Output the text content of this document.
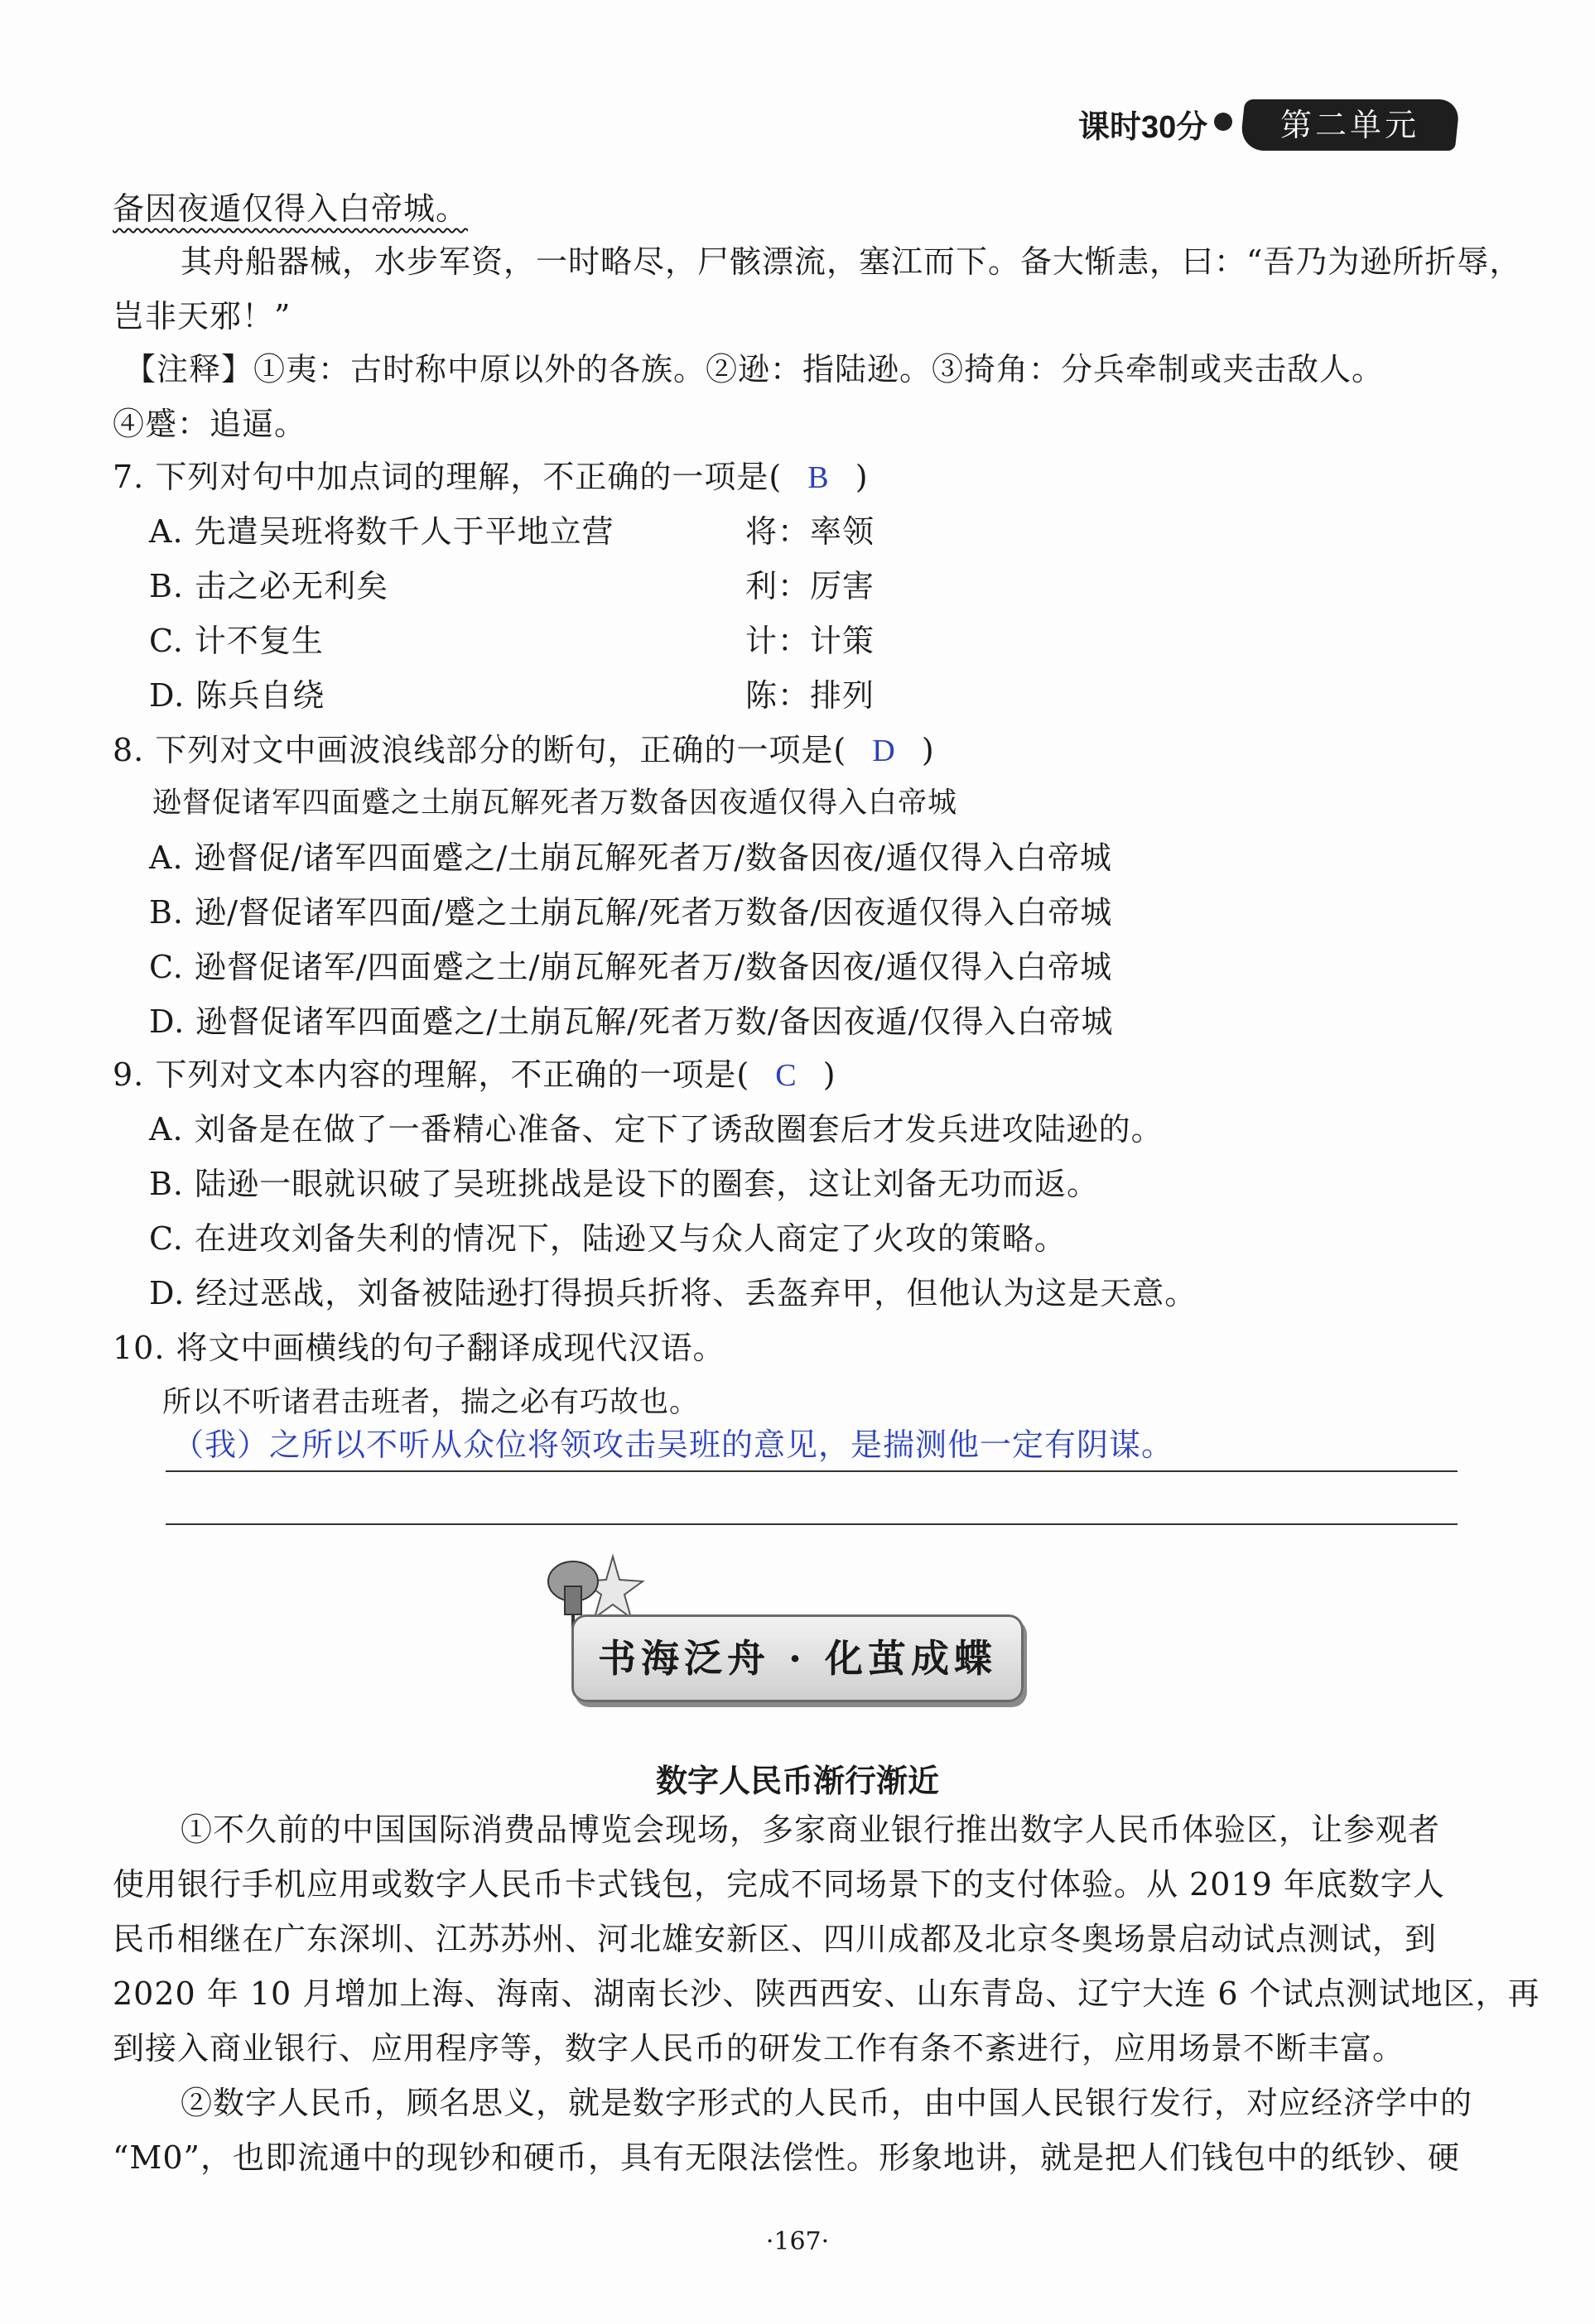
课时30分	第二单元
备因夜遁仅得入白帝城。
其舟船器械，水步军资，一时略尽，尸骸漂流，塞江而下。备大惭恚，曰：“吾乃为逊所折辱，
岂非天邪！”
【注释】①夷：古时称中原以外的各族。②逊：指陆逊。③掎角：分兵牵制或夹击敌人。
④蹙：追逼。
7. 下列对句中加点词的理解，不正确的一项是( B )
A. 先遣吴班将数千人于平地立营	将：率领
B. 击之必无利矣	利：厉害
C. 计不复生	计：计策
D. 陈兵自绕	陈：排列
8. 下列对文中画波浪线部分的断句，正确的一项是( D )
逊督促诸军四面蹙之土崩瓦解死者万数备因夜遁仅得入白帝城
A. 逊督促/诸军四面蹙之/土崩瓦解死者万/数备因夜/遁仅得入白帝城
B. 逊/督促诸军四面/蹙之土崩瓦解/死者万数备/因夜遁仅得入白帝城
C. 逊督促诸军/四面蹙之土/崩瓦解死者万/数备因夜/遁仅得入白帝城
D. 逊督促诸军四面蹙之/土崩瓦解/死者万数/备因夜遁/仅得入白帝城
9. 下列对文本内容的理解，不正确的一项是( C )
A. 刘备是在做了一番精心准备、定下了诱敌圈套后才发兵进攻陆逊的。
B. 陆逊一眼就识破了吴班挑战是设下的圈套，这让刘备无功而返。
C. 在进攻刘备失利的情况下，陆逊又与众人商定了火攻的策略。
D. 经过恶战，刘备被陆逊打得损兵折将、丢盔弃甲，但他认为这是天意。
10. 将文中画横线的句子翻译成现代汉语。
所以不听诸君击班者，揣之必有巧故也。
（我）之所以不听从众位将领攻击吴班的意见，是揣测他一定有阴谋。
书海泛舟 · 化茧成蝶
数字人民币渐行渐近
①不久前的中国国际消费品博览会现场，多家商业银行推出数字人民币体验区，让参观者
使用银行手机应用或数字人民币卡式钱包，完成不同场景下的支付体验。从 2019 年底数字人
民币相继在广东深圳、江苏苏州、河北雄安新区、四川成都及北京冬奥场景启动试点测试，到
2020 年 10 月增加上海、海南、湖南长沙、陕西西安、山东青岛、辽宁大连 6 个试点测试地区，再
到接入商业银行、应用程序等，数字人民币的研发工作有条不紊进行，应用场景不断丰富。
②数字人民币，顾名思义，就是数字形式的人民币，由中国人民银行发行，对应经济学中的
“M0”，也即流通中的现钞和硬币，具有无限法偿性。形象地讲，就是把人们钱包中的纸钞、硬
·167·
